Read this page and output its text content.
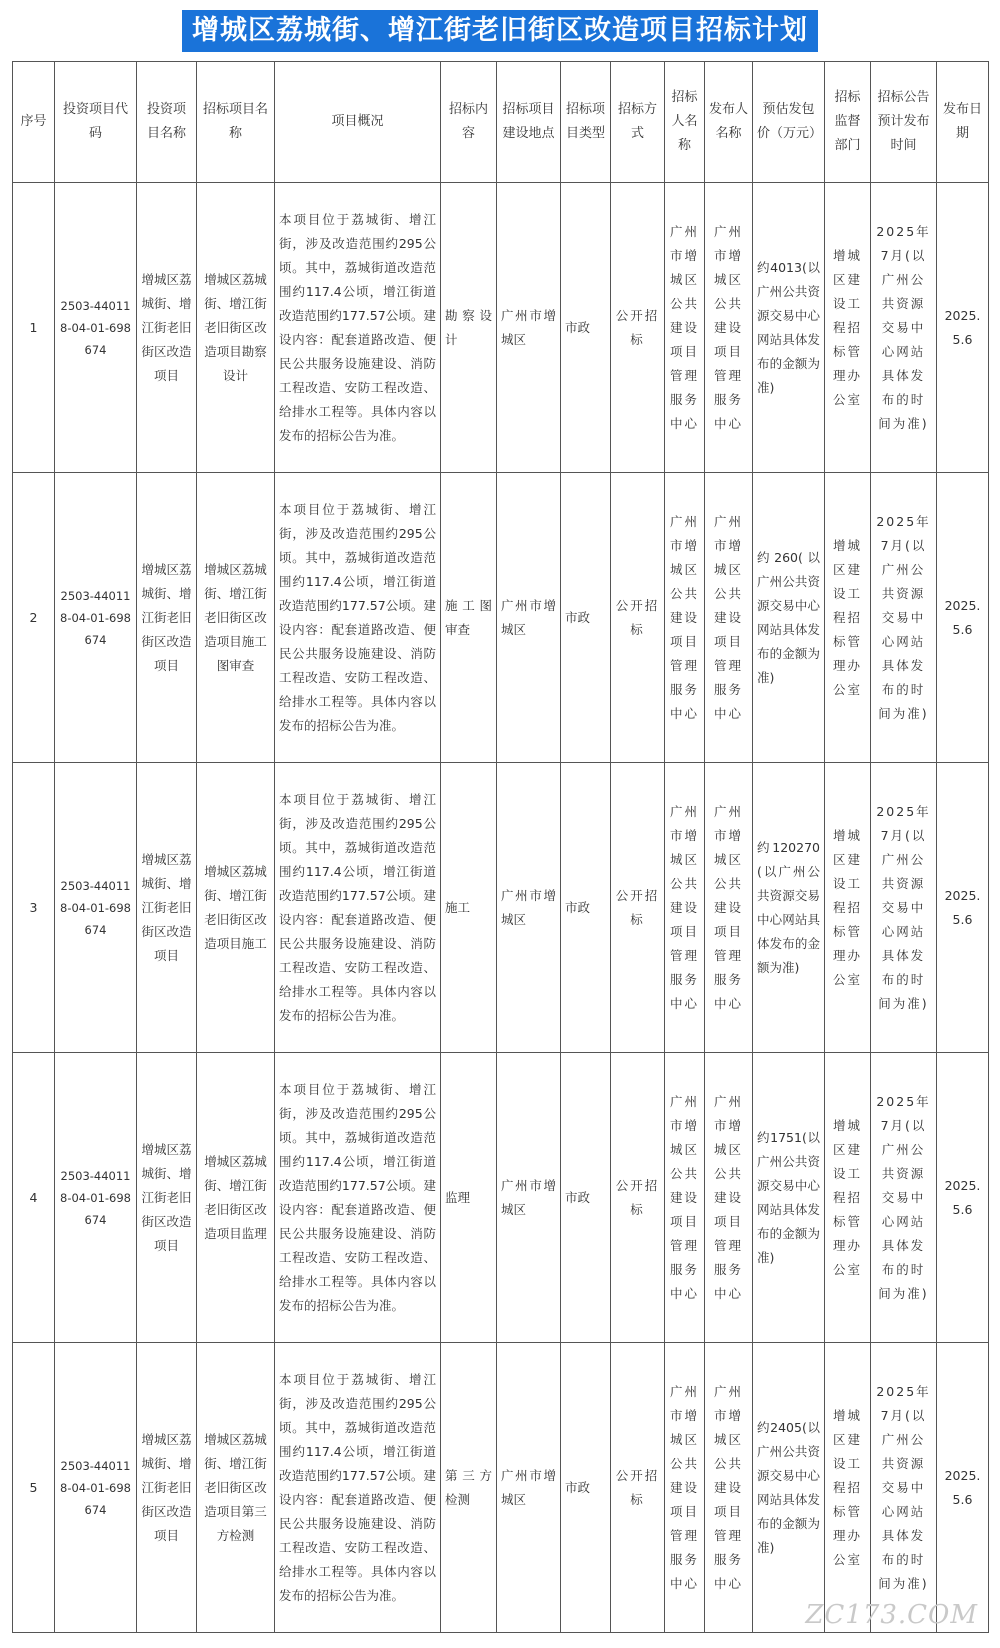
增城区荔城街、增江街老旧街区改造项目招标计划
序号	投资项目代码	投资项目名称	招标项目名称	项目概况	招标内容	招标项目建设地点	招标项目类型	招标方式	招标人名称	发布人名称	预估发包价（万元）	招标监督部门	招标公告预计发布时间	发布日期
1	2503-440118-04-01-698674	增城区荔城街、增江街老旧街区改造项目	增城区荔城街、增江街老旧街区改造项目勘察设计	本项目位于荔城街、增江街，涉及改造范围约295公顷。其中，荔城街道改造范围约117.4公顷，增江街道改造范围约177.57公顷。建设内容：配套道路改造、便民公共服务设施建设、消防工程改造、安防工程改造、给排水工程等。具体内容以发布的招标公告为准。	勘察设计	广州市增城区	市政	公开招标	广州市增城区公共建设项目管理服务中心	广州市增城区公共建设项目管理服务中心	约4013(以广州公共资源交易中心网站具体发布的金额为准)	增城区建设工程招标管理办公室	2025年7月(以广州公共资源交易中心网站具体发布的时间为准)	2025.5.6
2	2503-440118-04-01-698674	增城区荔城街、增江街老旧街区改造项目	增城区荔城街、增江街老旧街区改造项目施工图审查	本项目位于荔城街、增江街，涉及改造范围约295公顷。其中，荔城街道改造范围约117.4公顷，增江街道改造范围约177.57公顷。建设内容：配套道路改造、便民公共服务设施建设、消防工程改造、安防工程改造、给排水工程等。具体内容以发布的招标公告为准。	施工图审查	广州市增城区	市政	公开招标	广州市增城区公共建设项目管理服务中心	广州市增城区公共建设项目管理服务中心	约260(以广州公共资源交易中心网站具体发布的金额为准)	增城区建设工程招标管理办公室	2025年7月(以广州公共资源交易中心网站具体发布的时间为准)	2025.5.6
3	2503-440118-04-01-698674	增城区荔城街、增江街老旧街区改造项目	增城区荔城街、增江街老旧街区改造项目施工	本项目位于荔城街、增江街，涉及改造范围约295公顷。其中，荔城街道改造范围约117.4公顷，增江街道改造范围约177.57公顷。建设内容：配套道路改造、便民公共服务设施建设、消防工程改造、安防工程改造、给排水工程等。具体内容以发布的招标公告为准。	施工	广州市增城区	市政	公开招标	广州市增城区公共建设项目管理服务中心	广州市增城区公共建设项目管理服务中心	约120270(以广州公共资源交易中心网站具体发布的金额为准)	增城区建设工程招标管理办公室	2025年7月(以广州公共资源交易中心网站具体发布的时间为准)	2025.5.6
4	2503-440118-04-01-698674	增城区荔城街、增江街老旧街区改造项目	增城区荔城街、增江街老旧街区改造项目监理	本项目位于荔城街、增江街，涉及改造范围约295公顷。其中，荔城街道改造范围约117.4公顷，增江街道改造范围约177.57公顷。建设内容：配套道路改造、便民公共服务设施建设、消防工程改造、安防工程改造、给排水工程等。具体内容以发布的招标公告为准。	监理	广州市增城区	市政	公开招标	广州市增城区公共建设项目管理服务中心	广州市增城区公共建设项目管理服务中心	约1751(以广州公共资源交易中心网站具体发布的金额为准)	增城区建设工程招标管理办公室	2025年7月(以广州公共资源交易中心网站具体发布的时间为准)	2025.5.6
5	2503-440118-04-01-698674	增城区荔城街、增江街老旧街区改造项目	增城区荔城街、增江街老旧街区改造项目第三方检测	本项目位于荔城街、增江街，涉及改造范围约295公顷。其中，荔城街道改造范围约117.4公顷，增江街道改造范围约177.57公顷。建设内容：配套道路改造、便民公共服务设施建设、消防工程改造、安防工程改造、给排水工程等。具体内容以发布的招标公告为准。	第三方检测	广州市增城区	市政	公开招标	广州市增城区公共建设项目管理服务中心	广州市增城区公共建设项目管理服务中心	约2405(以广州公共资源交易中心网站具体发布的金额为准)	增城区建设工程招标管理办公室	2025年7月(以广州公共资源交易中心网站具体发布的时间为准)	2025.5.6
ZC173.COM
